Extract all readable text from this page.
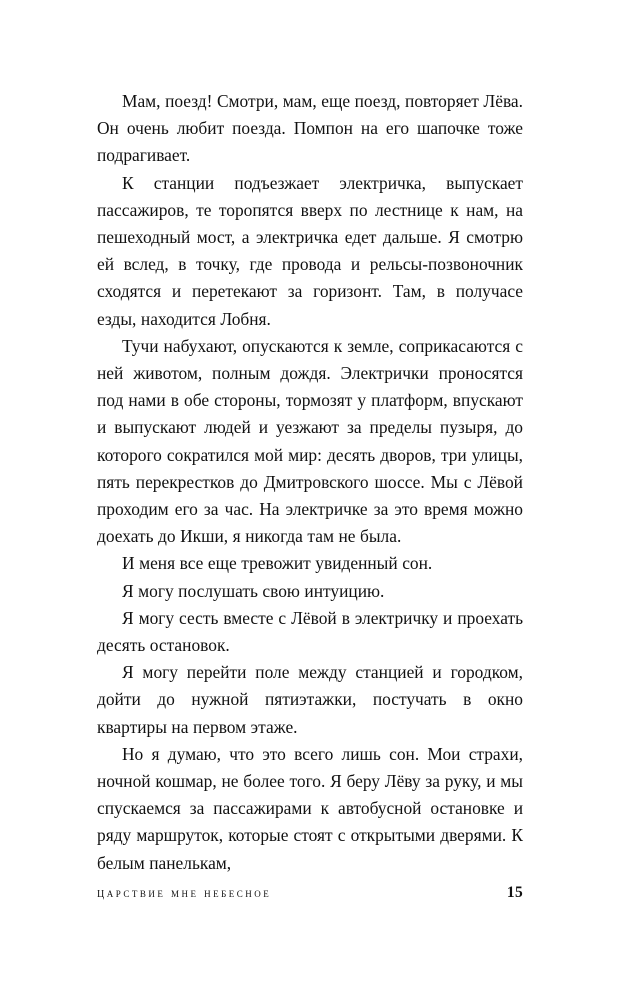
Мам, поезд! Смотри, мам, еще поезд, повторяет Лёва. Он очень любит поезда. Помпон на его шапочке тоже подрагивает.

К станции подъезжает электричка, выпускает пассажиров, те торопятся вверх по лестнице к нам, на пешеходный мост, а электричка едет дальше. Я смотрю ей вслед, в точку, где провода и рельсы-позвоночник сходятся и перетекают за горизонт. Там, в получасе езды, находится Лобня.

Тучи набухают, опускаются к земле, соприкасаются с ней животом, полным дождя. Электрички проносятся под нами в обе стороны, тормозят у платформ, впускают и выпускают людей и уезжают за пределы пузыря, до которого сократился мой мир: десять дворов, три улицы, пять перекрестков до Дмитровского шоссе. Мы с Лёвой проходим его за час. На электричке за это время можно доехать до Икши, я никогда там не была.

И меня все еще тревожит увиденный сон.

Я могу послушать свою интуицию.

Я могу сесть вместе с Лёвой в электричку и проехать десять остановок.

Я могу перейти поле между станцией и городком, дойти до нужной пятиэтажки, постучать в окно квартиры на первом этаже.

Но я думаю, что это всего лишь сон. Мои страхи, ночной кошмар, не более того. Я беру Лёву за руку, и мы спускаемся за пассажирами к автобусной остановке и ряду маршруток, которые стоят с открытыми дверями. К белым панелькам,

царствие мне небесное	15
